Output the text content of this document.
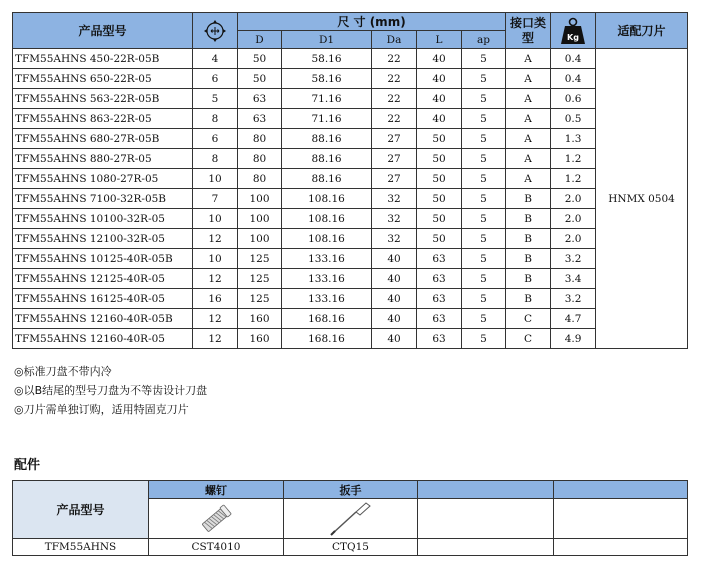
产品型号		尺 寸 (mm)					接口类型	Kg	适配刀片
		D	D1	Da	L	ap			
TFM55AHNS 450-22R-05B	4	50	58.16	22	40	5	A	0.4	HNMX 0504
TFM55AHNS 650-22R-05	6	50	58.16	22	40	5	A	0.4	
TFM55AHNS 563-22R-05B	5	63	71.16	22	40	5	A	0.6	
TFM55AHNS 863-22R-05	8	63	71.16	22	40	5	A	0.5	
TFM55AHNS 680-27R-05B	6	80	88.16	27	50	5	A	1.3	
TFM55AHNS 880-27R-05	8	80	88.16	27	50	5	A	1.2	
TFM55AHNS 1080-27R-05	10	80	88.16	27	50	5	A	1.2	
TFM55AHNS 7100-32R-05B	7	100	108.16	32	50	5	B	2.0	
TFM55AHNS 10100-32R-05	10	100	108.16	32	50	5	B	2.0	
TFM55AHNS 12100-32R-05	12	100	108.16	32	50	5	B	2.0	
TFM55AHNS 10125-40R-05B	10	125	133.16	40	63	5	B	3.2	
TFM55AHNS 12125-40R-05	12	125	133.16	40	63	5	B	3.4	
TFM55AHNS 16125-40R-05	16	125	133.16	40	63	5	B	3.2	
TFM55AHNS 12160-40R-05B	12	160	168.16	40	63	5	C	4.7	
TFM55AHNS 12160-40R-05	12	160	168.16	40	63	5	C	4.9	
◎标准刀盘不带内冷
◎以B结尾的型号刀盘为不等齿设计刀盘
◎刀片需单独订购，适用特固克刀片
配件
产品型号	螺钉	扳手		

TFM55AHNS	CST4010	CTQ15		
